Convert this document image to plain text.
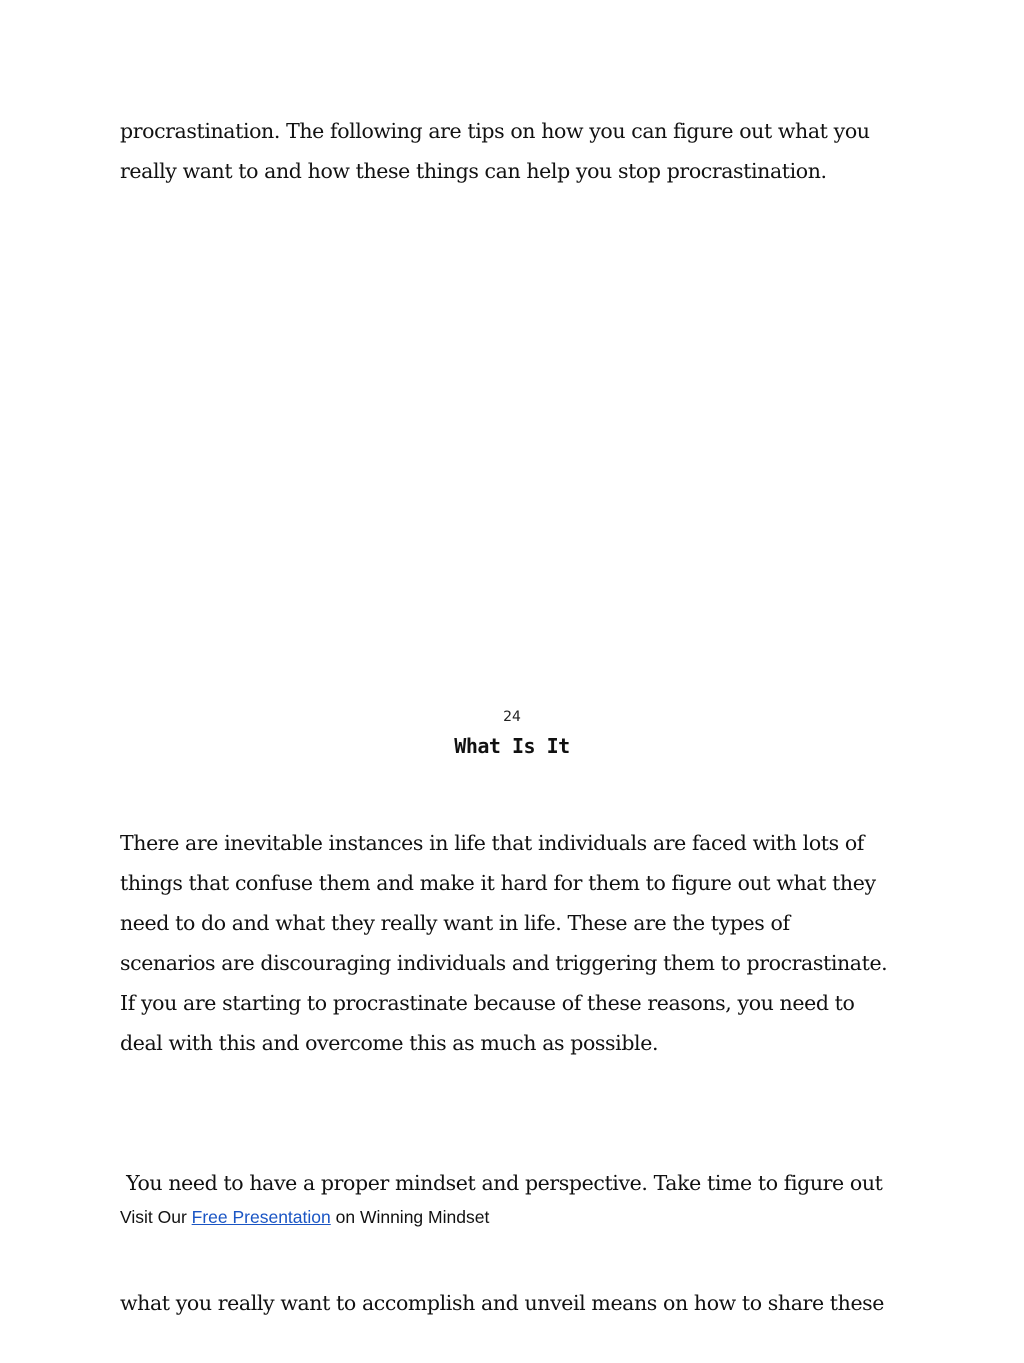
procrastination. The following are tips on how you can figure out what you
really want to and how these things can help you stop procrastination.

24
What Is It

There are inevitable instances in life that individuals are faced with lots of
things that confuse them and make it hard for them to figure out what they
need to do and what they really want in life. These are the types of
scenarios are discouraging individuals and triggering them to procrastinate.
If you are starting to procrastinate because of these reasons, you need to
deal with this and overcome this as much as possible.

You need to have a proper mindset and perspective. Take time to figure out

what you really want to accomplish and unveil means on how to share these

Visit Our Free Presentation on Winning Mindset
